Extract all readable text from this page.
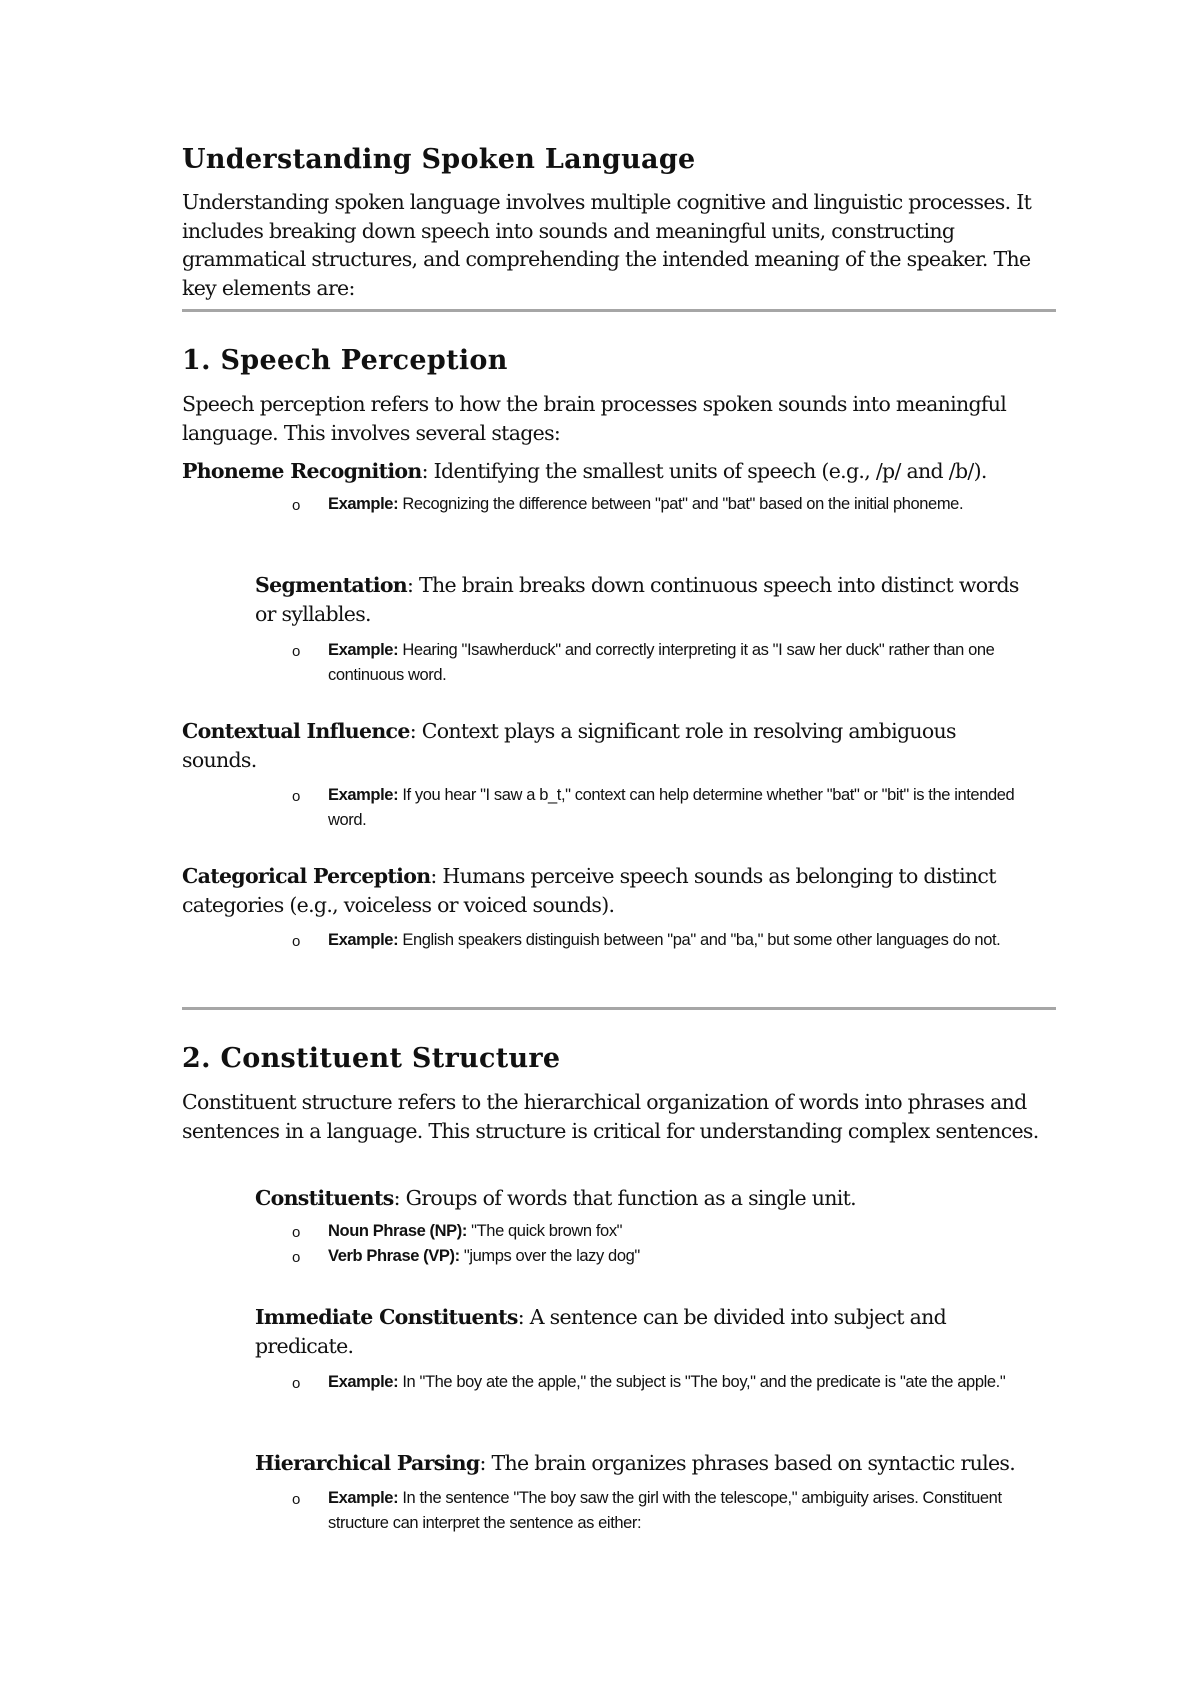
Understanding Spoken Language

Understanding spoken language involves multiple cognitive and linguistic processes. It includes breaking down speech into sounds and meaningful units, constructing grammatical structures, and comprehending the intended meaning of the speaker. The key elements are:

1. Speech Perception

Speech perception refers to how the brain processes spoken sounds into meaningful language. This involves several stages:

Phoneme Recognition: Identifying the smallest units of speech (e.g., /p/ and /b/).
o Example: Recognizing the difference between "pat" and "bat" based on the initial phoneme.

Segmentation: The brain breaks down continuous speech into distinct words or syllables.

o Example: Hearing "Isawherduck" and correctly interpreting it as "I saw her duck" rather than one continuous word.

Contextual Influence: Context plays a significant role in resolving ambiguous sounds.

o Example: If you hear "I saw a b_t," context can help determine whether "bat" or "bit" is the intended word.

Categorical Perception: Humans perceive speech sounds as belonging to distinct categories (e.g., voiceless or voiced sounds).

o Example: English speakers distinguish between "pa" and "ba," but some other languages do not.

2. Constituent Structure

Constituent structure refers to the hierarchical organization of words into phrases and sentences in a language. This structure is critical for understanding complex sentences.

Constituents: Groups of words that function as a single unit.
o Noun Phrase (NP): "The quick brown fox"
o Verb Phrase (VP): "jumps over the lazy dog"

Immediate Constituents: A sentence can be divided into subject and predicate.

o Example: In "The boy ate the apple," the subject is "The boy," and the predicate is "ate the apple."

Hierarchical Parsing: The brain organizes phrases based on syntactic rules.
o Example: In the sentence "The boy saw the girl with the telescope," ambiguity arises. Constituent structure can interpret the sentence as either:
